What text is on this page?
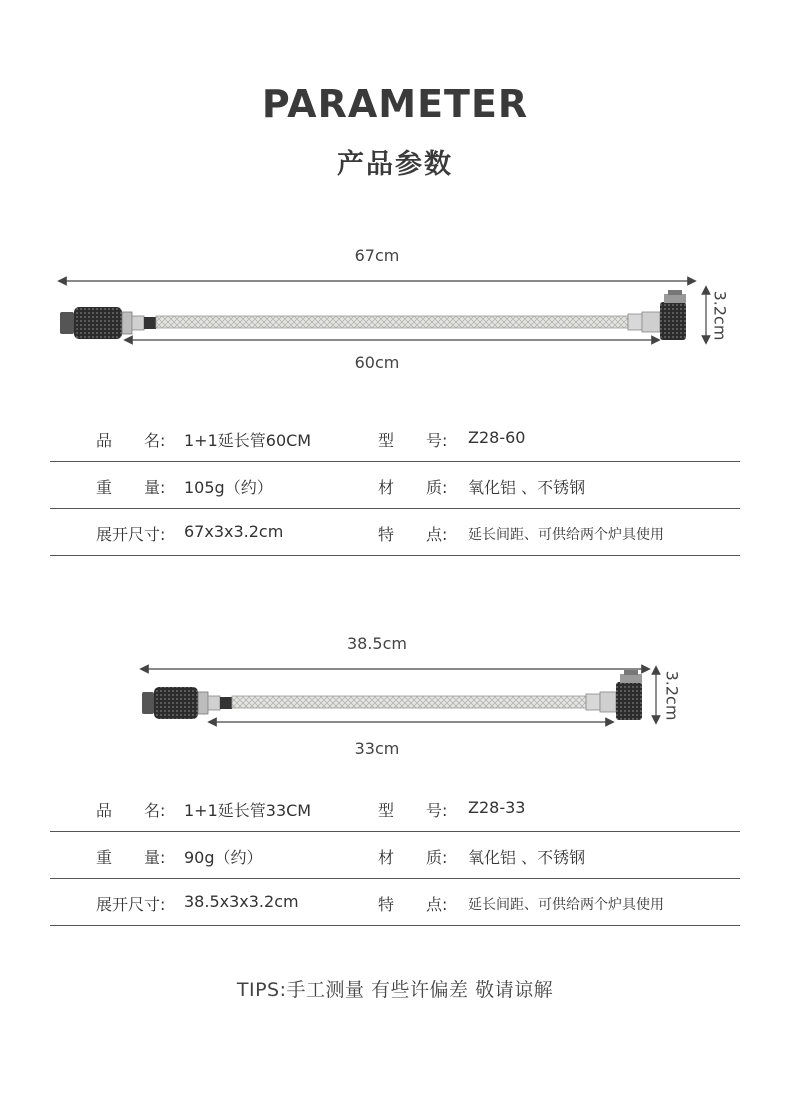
PARAMETER
产品参数
67cm
3.2cm
60cm
品　　名: 1+1延长管60CM	型　　号: Z28-60
重　　量: 105g（约）	材　　质: 氧化铝 、不锈钢
展开尺寸: 67x3x3.2cm	特　　点: 延长间距、可供给两个炉具使用
38.5cm
3.2cm
33cm
品　　名: 1+1延长管33CM	型　　号: Z28-33
重　　量: 90g（约）	材　　质: 氧化铝 、不锈钢
展开尺寸: 38.5x3x3.2cm	特　　点: 延长间距、可供给两个炉具使用
TIPS:手工测量 有些许偏差 敬请谅解
